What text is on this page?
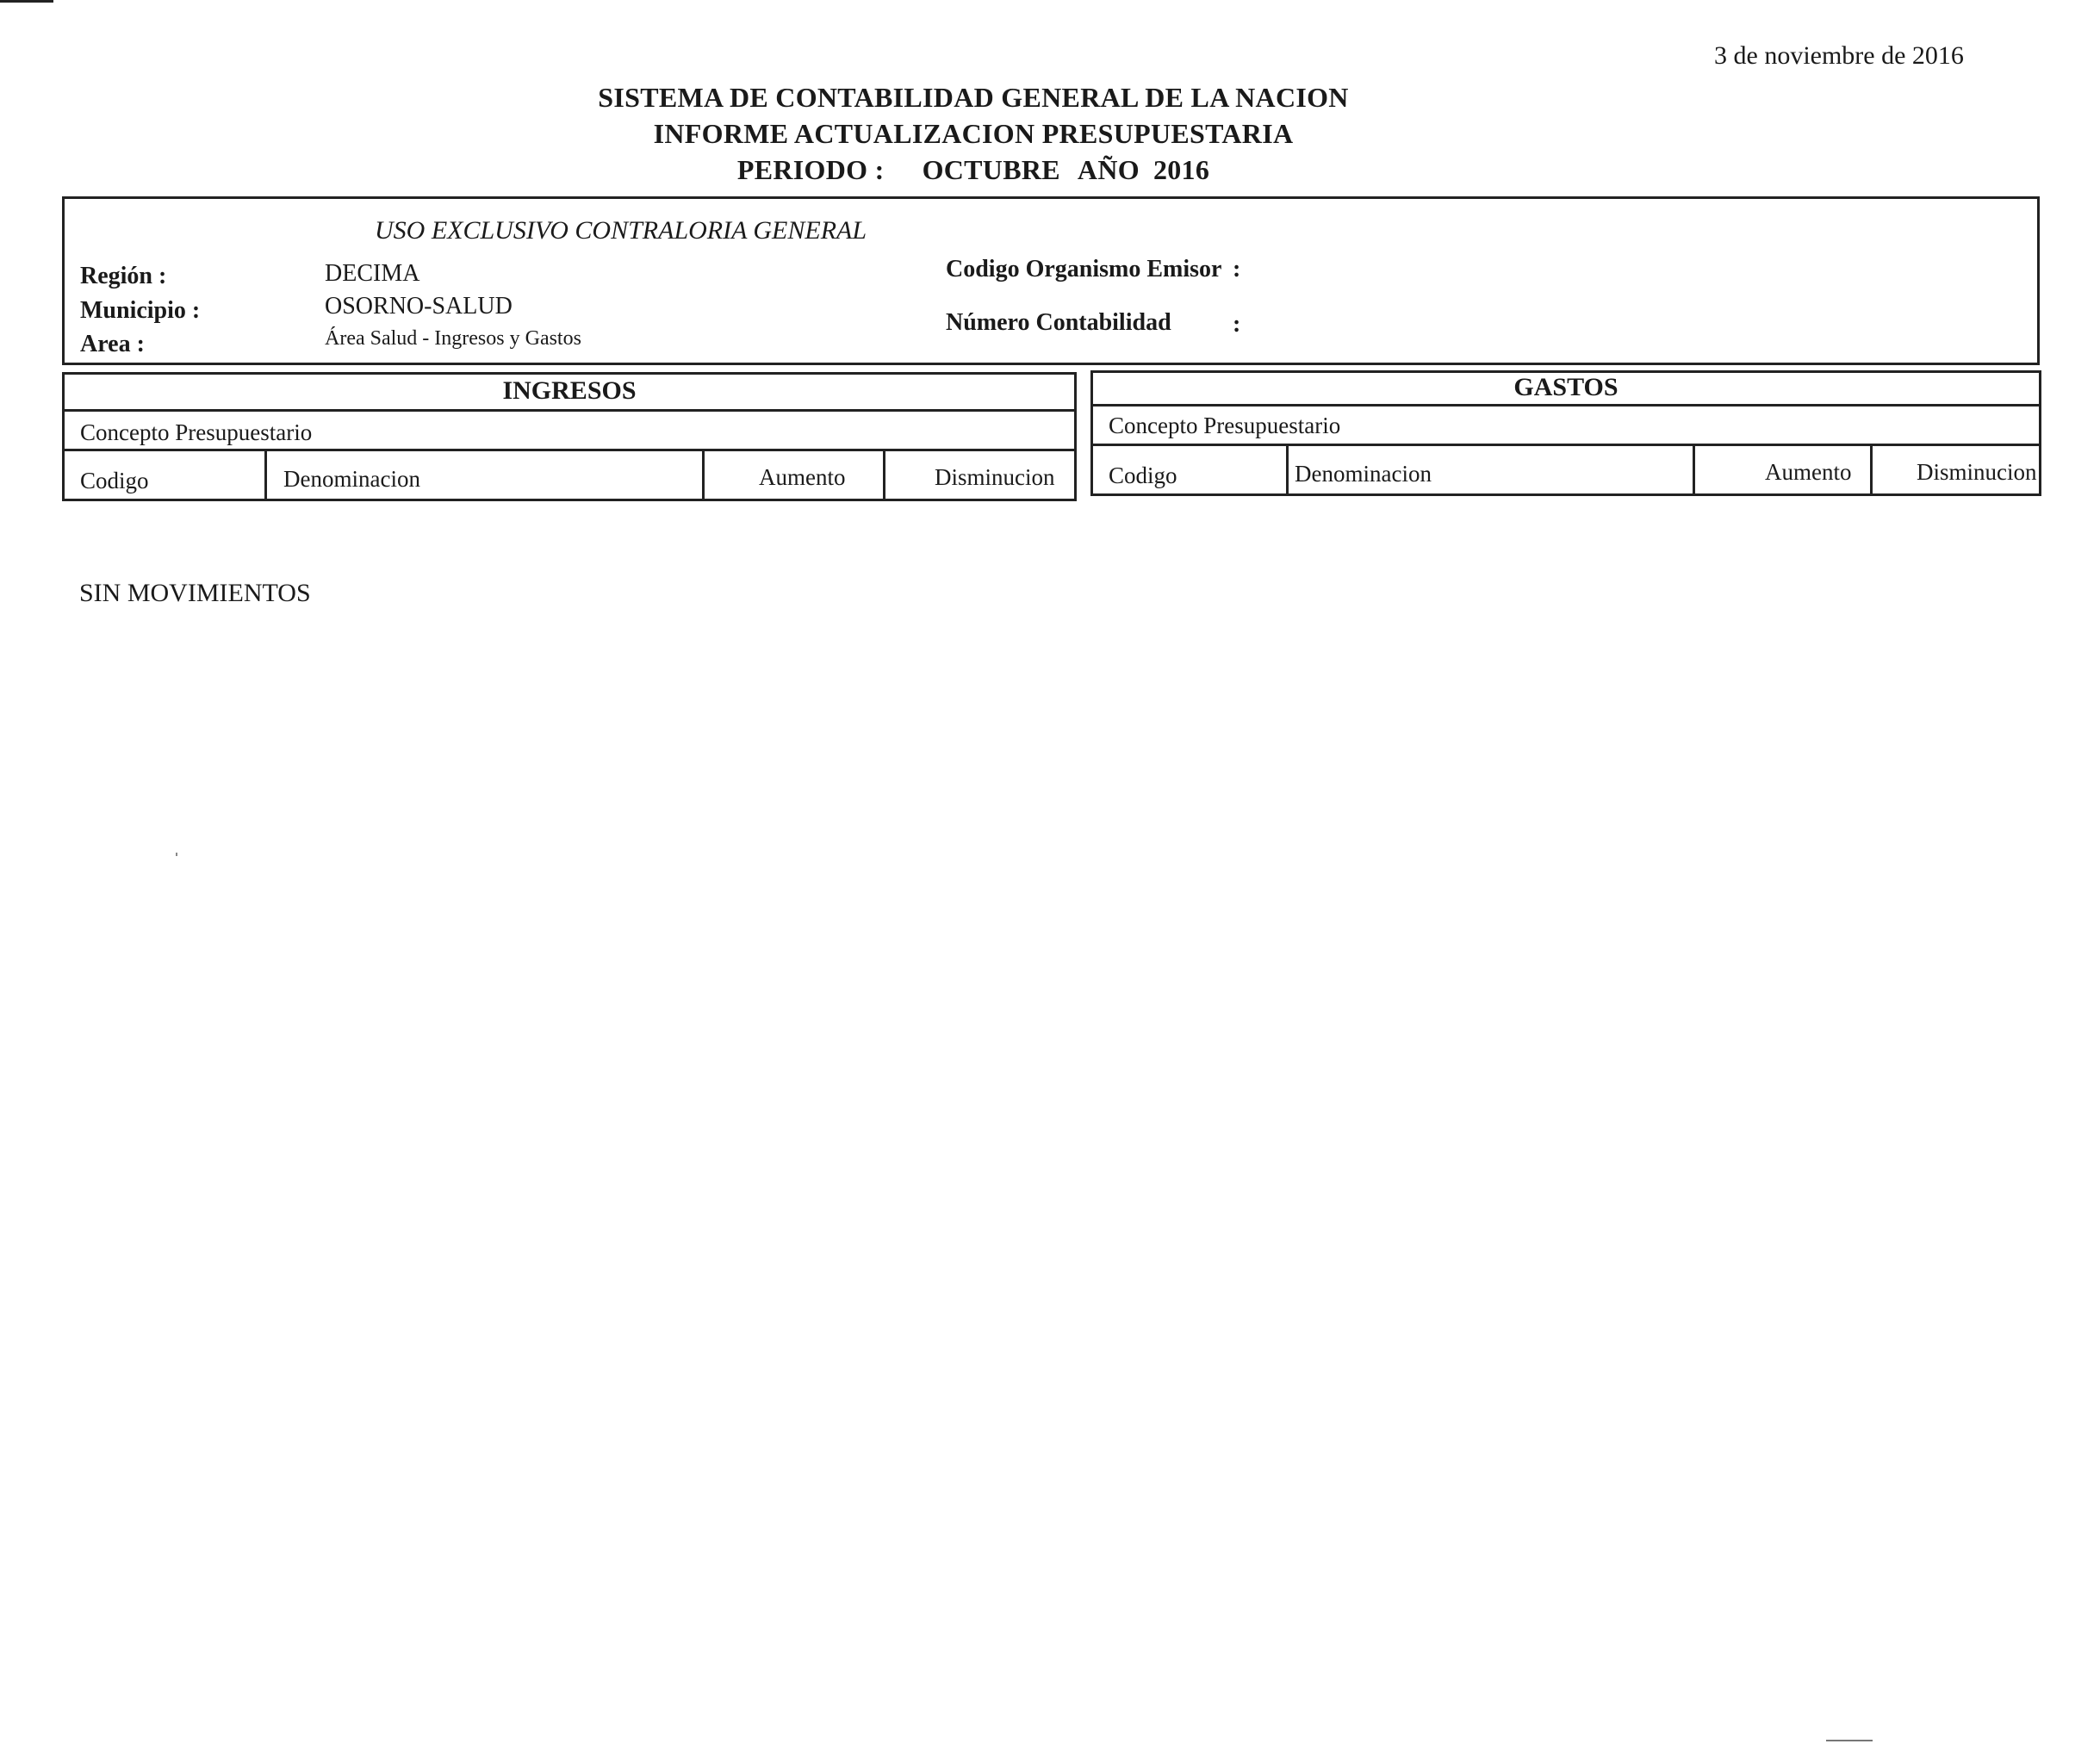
3 de noviembre de 2016
SISTEMA DE CONTABILIDAD GENERAL DE LA NACION
INFORME ACTUALIZACION PRESUPUESTARIA
PERIODO : OCTUBRE AÑO 2016
USO EXCLUSIVO CONTRALORIA GENERAL
Región :	DECIMA
Municipio :	OSORNO-SALUD
Area :	Área Salud - Ingresos y Gastos
Codigo Organismo Emisor :
Número Contabilidad	:
INGRESOS
Concepto Presupuestario
Codigo	Denominacion	Aumento	Disminucion
GASTOS
Concepto Presupuestario
Codigo	Denominacion	Aumento	Disminucion
SIN MOVIMIENTOS
